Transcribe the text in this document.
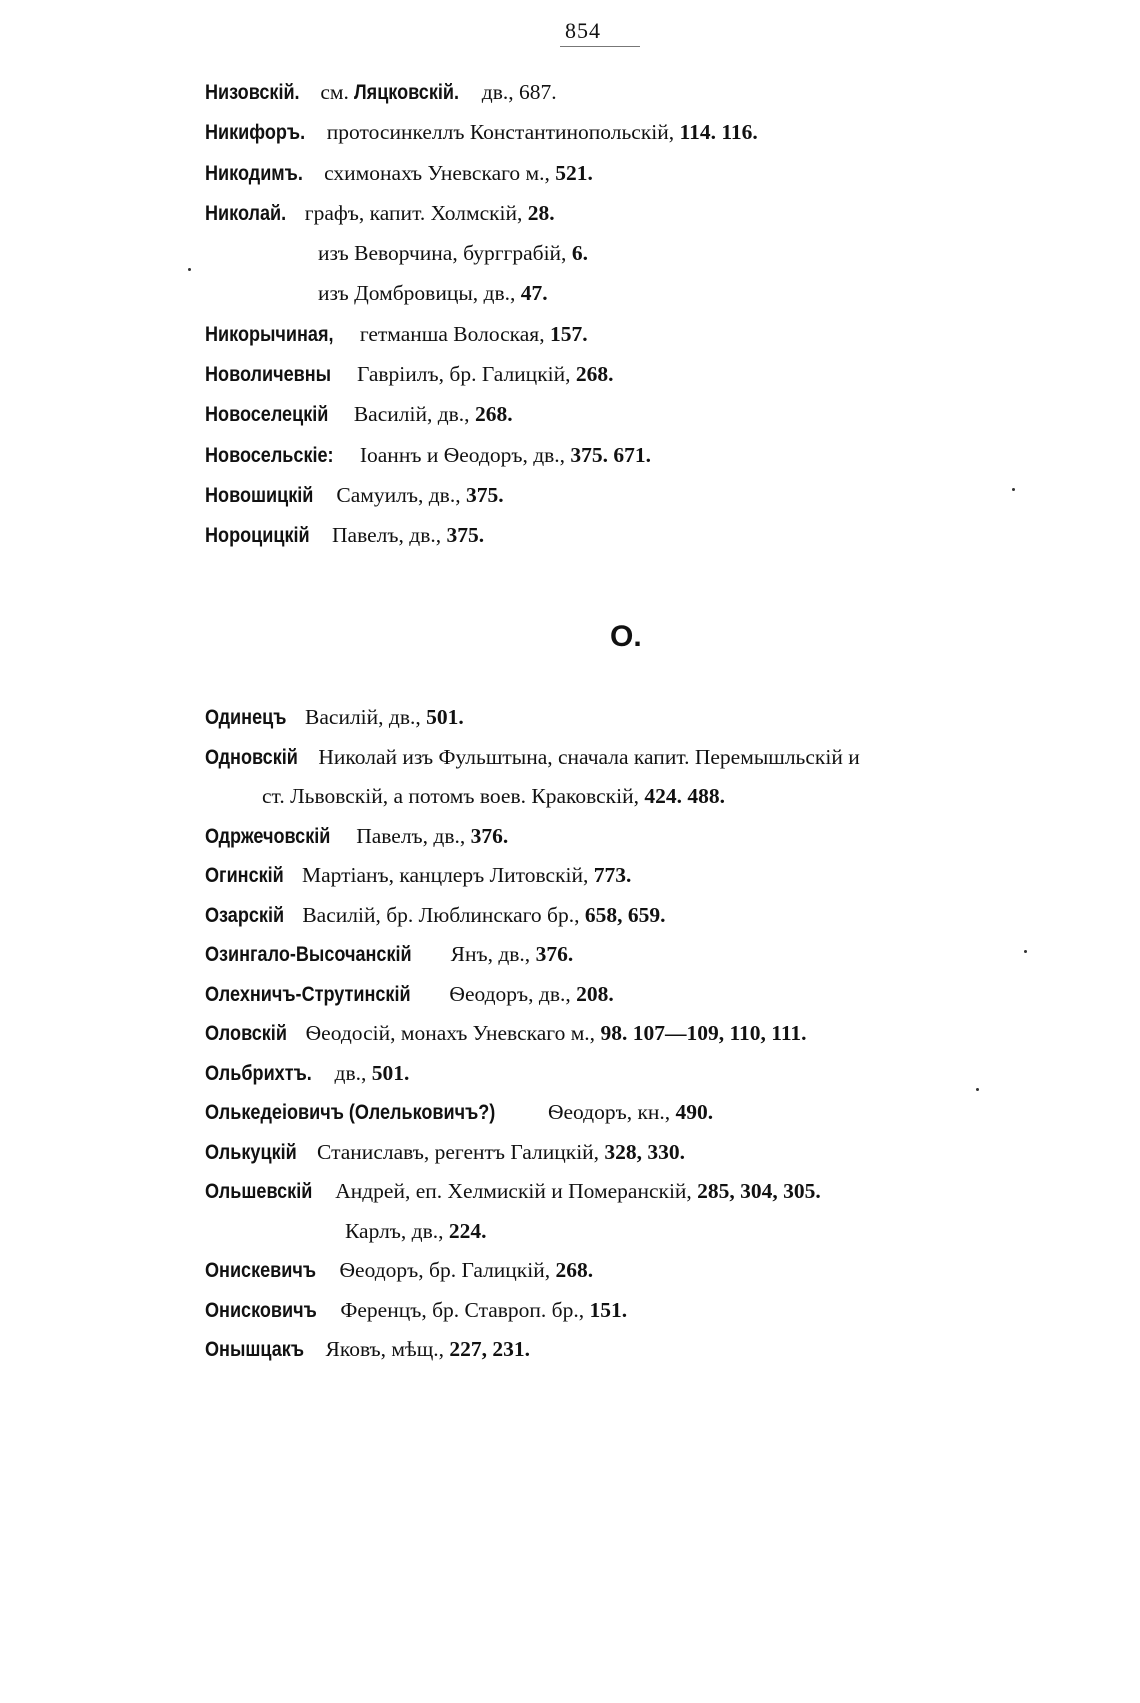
854
Низовскій. см. Ляцковскій. дв., 687.
Никифоръ. протосинкеллъ Константинопольскій, 114. 116.
Никодимъ. схимонахъ Уневскаго м., 521.
Николай. графъ, капит. Холмскій, 28.
изъ Веворчина, бургграбій, 6.
изъ Домбровицы, дв., 47.
Никорычиная, гетманша Волоская, 157.
Новоличевны Гавріилъ, бр. Галицкій, 268.
Новоселецкій Василій, дв., 268.
Новосельскіе: Іоаннъ и Ѳеодоръ, дв., 375. 671.
Новошицкій Самуилъ, дв., 375.
Нороцицкій Павелъ, дв., 375.
О.
Одинецъ Василій, дв., 501.
Одновскій Николай изъ Фульштына, сначала капит. Перемышльскій и
ст. Львовскій, а потомъ воев. Краковскій, 424. 488.
Одржечовскій Павелъ, дв., 376.
Огинскій Мартіанъ, канцлеръ Литовскій, 773.
Озарскій Василій, бр. Люблинскаго бр., 658, 659.
Озингало-Высочанскій Янъ, дв., 376.
Олехничъ-Струтинскій Ѳеодоръ, дв., 208.
Оловскій Ѳеодосій, монахъ Уневскаго м., 98. 107—109, 110, 111.
Ольбрихтъ. дв., 501.
Олькедеіовичъ (Олельковичъ?) Ѳеодоръ, кн., 490.
Олькуцкій Станиславъ, регентъ Галицкій, 328, 330.
Ольшевскій Андрей, еп. Хелмискій и Померанскій, 285, 304, 305.
Карлъ, дв., 224.
Онискевичъ Ѳеодоръ, бр. Галицкій, 268.
Онисковичъ Ференцъ, бр. Ставроп. бр., 151.
Онышцакъ Яковъ, мѣщ., 227, 231.
